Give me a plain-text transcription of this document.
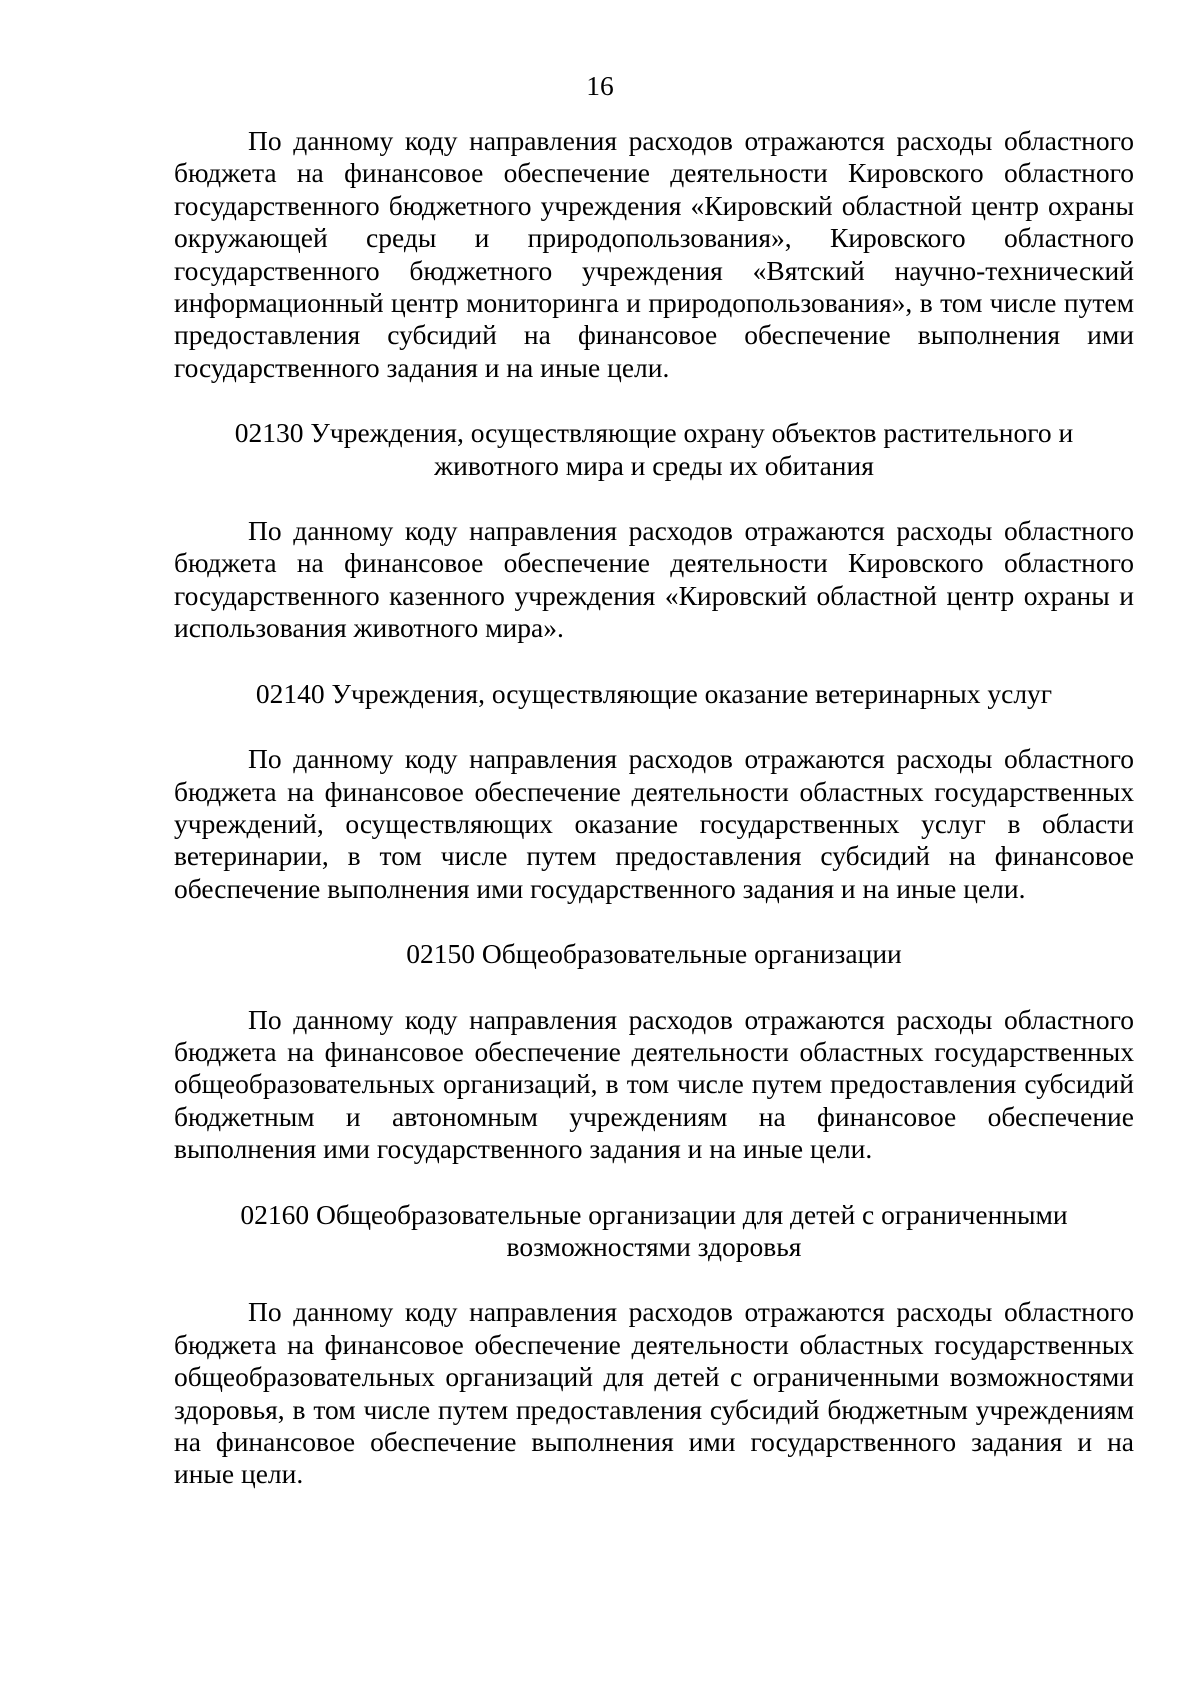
16

По данному коду направления расходов отражаются расходы областного бюджета на финансовое обеспечение деятельности Кировского областного государственного бюджетного учреждения «Кировский областной центр охраны окружающей среды и природопользования», Кировского областного государственного бюджетного учреждения «Вятский научно-технический информационный центр мониторинга и природопользования», в том числе путем предоставления субсидий на финансовое обеспечение выполнения ими государственного задания и на иные цели.

02130 Учреждения, осуществляющие охрану объектов растительного и животного мира и среды их обитания

По данному коду направления расходов отражаются расходы областного бюджета на финансовое обеспечение деятельности Кировского областного государственного казенного учреждения «Кировский областной центр охраны и использования животного мира».

02140 Учреждения, осуществляющие оказание ветеринарных услуг

По данному коду направления расходов отражаются расходы областного бюджета на финансовое обеспечение деятельности областных государственных учреждений, осуществляющих оказание государственных услуг в области ветеринарии, в том числе путем предоставления субсидий на финансовое обеспечение выполнения ими государственного задания и на иные цели.

02150 Общеобразовательные организации

По данному коду направления расходов отражаются расходы областного бюджета на финансовое обеспечение деятельности областных государственных общеобразовательных организаций, в том числе путем предоставления субсидий бюджетным и автономным учреждениям на финансовое обеспечение выполнения ими государственного задания и на иные цели.

02160 Общеобразовательные организации для детей с ограниченными возможностями здоровья

По данному коду направления расходов отражаются расходы областного бюджета на финансовое обеспечение деятельности областных государственных общеобразовательных организаций для детей с ограниченными возможностями здоровья, в том числе путем предоставления субсидий бюджетным учреждениям на финансовое обеспечение выполнения ими государственного задания и на иные цели.
